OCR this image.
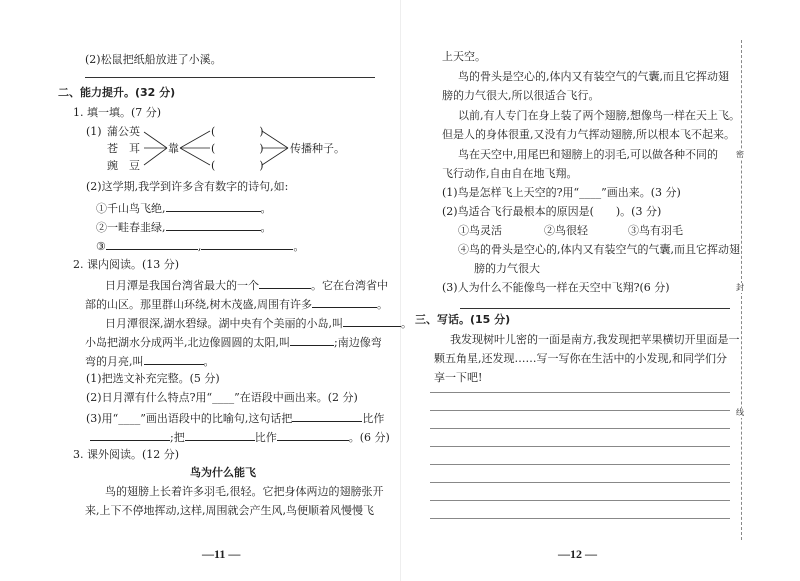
(2)松鼠把纸船放进了小溪。
二、能力提升。(32 分)
1. 填一填。(7 分)
(1) 蒲公英
苍　耳
豌　豆
靠
(　　　　)
(　　　　)
(　　　　)
传播种子。
(2)这学期,我学到许多含有数字的诗句,如:
①千山鸟飞绝,	。
②一畦春韭绿,	。
③	,	。
2. 课内阅读。(13 分)
日月潭是我国台湾省最大的一个	。它在台湾省中
部的山区。那里群山环绕,树木茂盛,周围有许多	。
日月潭很深,湖水碧绿。湖中央有个美丽的小岛,叫	。
小岛把湖水分成两半,北边像圆圆的太阳,叫	;南边像弯
弯的月亮,叫	。
(1)把选文补充完整。(5 分)
(2)日月潭有什么特点?用“____”在语段中画出来。(2 分)
(3)用“____”画出语段中的比喻句,这句话把	比作
;把	比作	。(6 分)
3. 课外阅读。(12 分)
鸟为什么能飞
鸟的翅膀上长着许多羽毛,很轻。它把身体两边的翅膀张开
来,上下不停地挥动,这样,周围就会产生风,鸟便顺着风慢慢飞
—11 —
上天空。
鸟的骨头是空心的,体内又有装空气的气囊,而且它挥动翅
膀的力气很大,所以很适合飞行。
以前,有人专门在身上装了两个翅膀,想像鸟一样在天上飞。
但是人的身体很重,又没有力气挥动翅膀,所以根本飞不起来。
鸟在天空中,用尾巴和翅膀上的羽毛,可以做各种不同的
飞行动作,自由自在地飞翔。
(1)鸟是怎样飞上天空的?用“____”画出来。(3 分)
(2)鸟适合飞行最根本的原因是(　　)。(3 分)
①鸟灵活	②鸟很轻	③鸟有羽毛
④鸟的骨头是空心的,体内又有装空气的气囊,而且它挥动翅
膀的力气很大
(3)人为什么不能像鸟一样在天空中飞翔?(6 分)
三、写话。(15 分)
我发现树叶儿密的一面是南方,我发现把苹果横切开里面是一
颗五角星,还发现……写一写你在生活中的小发现,和同学们分
享一下吧!
—12 —
密
封
线
